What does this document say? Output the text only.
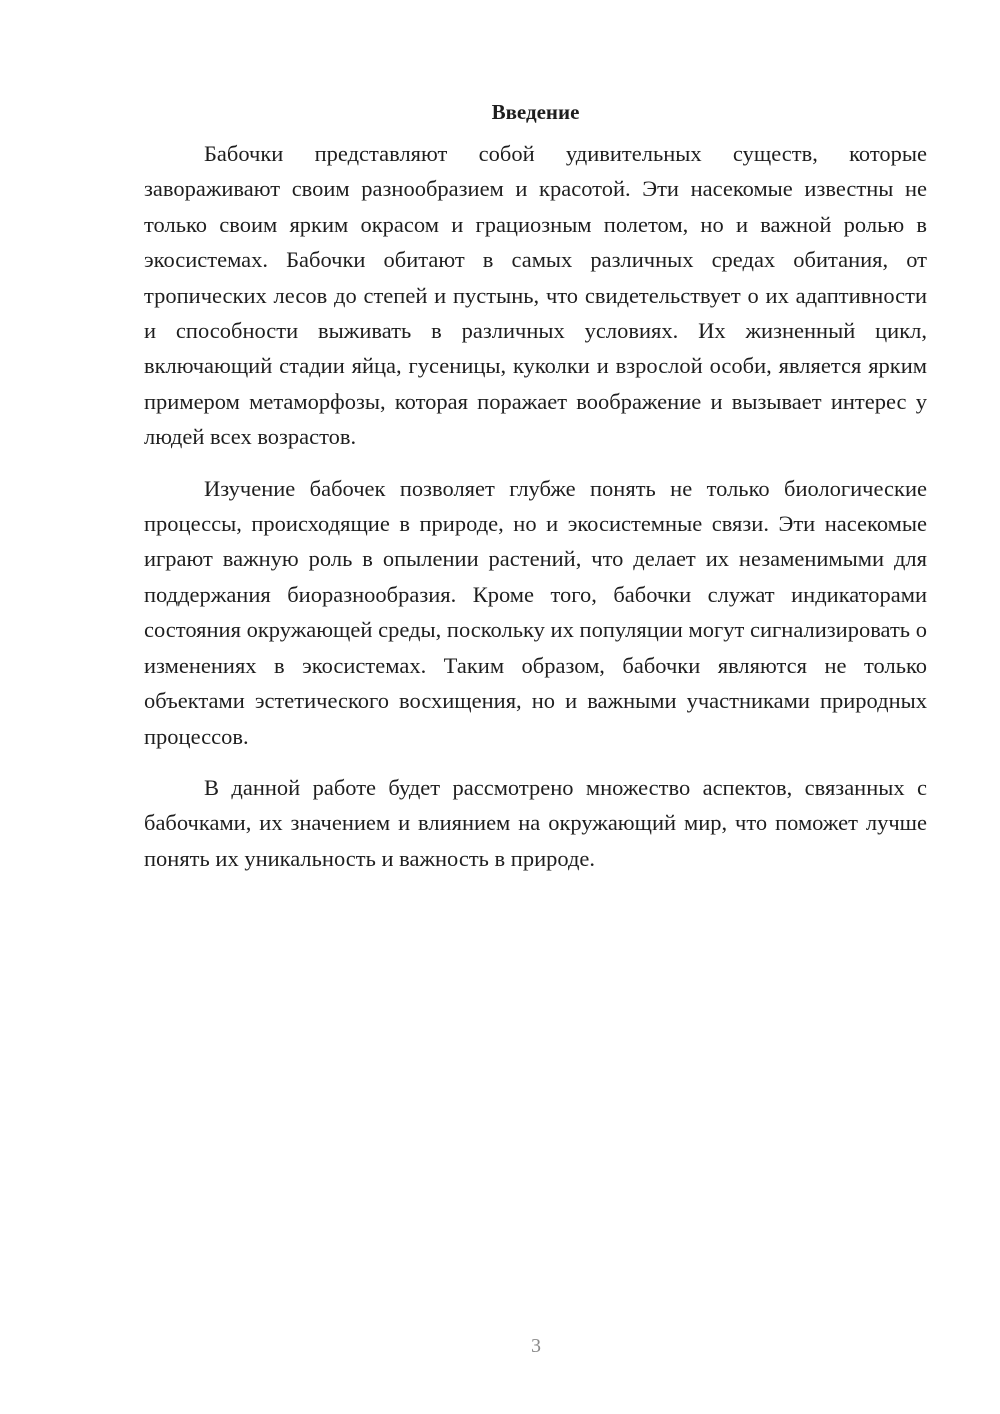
Введение

Бабочки представляют собой удивительных существ, которые завораживают своим разнообразием и красотой. Эти насекомые известны не только своим ярким окрасом и грациозным полетом, но и важной ролью в экосистемах. Бабочки обитают в самых различных средах обитания, от тропических лесов до степей и пустынь, что свидетельствует о их адаптивности и способности выживать в различных условиях. Их жизненный цикл, включающий стадии яйца, гусеницы, куколки и взрослой особи, является ярким примером метаморфозы, которая поражает воображение и вызывает интерес у людей всех возрастов.

Изучение бабочек позволяет глубже понять не только биологические процессы, происходящие в природе, но и экосистемные связи. Эти насекомые играют важную роль в опылении растений, что делает их незаменимыми для поддержания биоразнообразия. Кроме того, бабочки служат индикаторами состояния окружающей среды, поскольку их популяции могут сигнализировать о изменениях в экосистемах. Таким образом, бабочки являются не только объектами эстетического восхищения, но и важными участниками природных процессов.

В данной работе будет рассмотрено множество аспектов, связанных с бабочками, их значением и влиянием на окружающий мир, что поможет лучше понять их уникальность и важность в природе.

3
